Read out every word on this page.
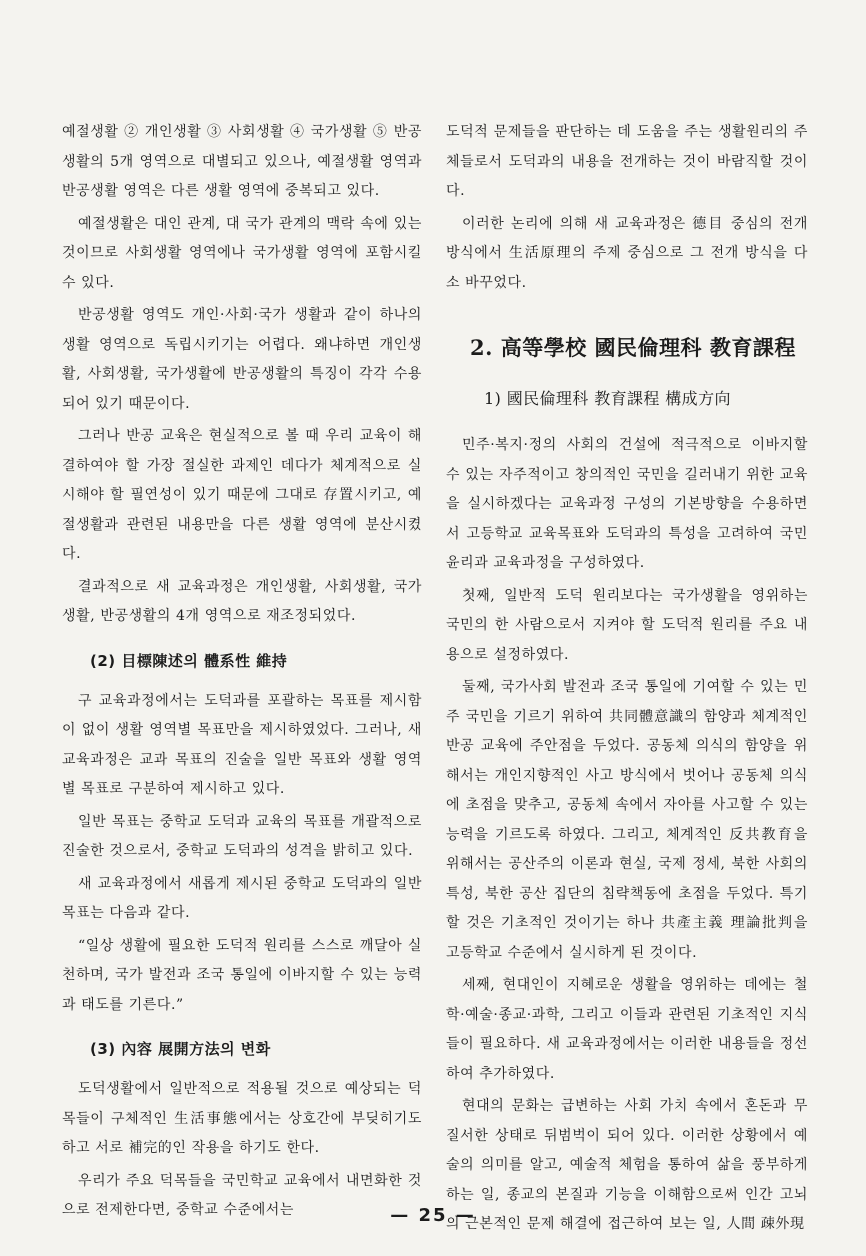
예절생활 ② 개인생활 ③ 사회생활 ④ 국가생활 ⑤ 반공생활의 5개 영역으로 대별되고 있으나, 예절생활 영역과 반공생활 영역은 다른 생활 영역에 중복되고 있다.

예절생활은 대인 관계, 대 국가 관계의 맥락 속에 있는 것이므로 사회생활 영역에나 국가생활 영역에 포함시킬 수 있다.

반공생활 영역도 개인·사회·국가 생활과 같이 하나의 생활 영역으로 독립시키기는 어렵다. 왜냐하면 개인생활, 사회생활, 국가생활에 반공생활의 특징이 각각 수용되어 있기 때문이다.

그러나 반공 교육은 현실적으로 볼 때 우리 교육이 해결하여야 할 가장 절실한 과제인 데다가 체계적으로 실시해야 할 필연성이 있기 때문에 그대로 存置시키고, 예절생활과 관련된 내용만을 다른 생활 영역에 분산시켰다.

결과적으로 새 교육과정은 개인생활, 사회생활, 국가생활, 반공생활의 4개 영역으로 재조정되었다.

(2) 目標陳述의 體系性 維持

구 교육과정에서는 도덕과를 포괄하는 목표를 제시함이 없이 생활 영역별 목표만을 제시하였었다. 그러나, 새 교육과정은 교과 목표의 진술을 일반 목표와 생활 영역별 목표로 구분하여 제시하고 있다.

일반 목표는 중학교 도덕과 교육의 목표를 개괄적으로 진술한 것으로서, 중학교 도덕과의 성격을 밝히고 있다.

새 교육과정에서 새롭게 제시된 중학교 도덕과의 일반 목표는 다음과 같다.

“일상 생활에 필요한 도덕적 원리를 스스로 깨달아 실천하며, 국가 발전과 조국 통일에 이바지할 수 있는 능력과 태도를 기른다.”

(3) 內容 展開方法의 변화

도덕생활에서 일반적으로 적용될 것으로 예상되는 덕목들이 구체적인 生活事態에서는 상호간에 부딪히기도 하고 서로 補完的인 작용을 하기도 한다.

우리가 주요 덕목들을 국민학교 교육에서 내면화한 것으로 전제한다면, 중학교 수준에서는

도덕적 문제들을 판단하는 데 도움을 주는 생활원리의 주체들로서 도덕과의 내용을 전개하는 것이 바람직할 것이다.

이러한 논리에 의해 새 교육과정은 德目 중심의 전개 방식에서 生活原理의 주제 중심으로 그 전개 방식을 다소 바꾸었다.

2. 高等學校 國民倫理科 教育課程
1) 國民倫理科 教育課程 構成方向

민주·복지·정의 사회의 건설에 적극적으로 이바지할 수 있는 자주적이고 창의적인 국민을 길러내기 위한 교육을 실시하겠다는 교육과정 구성의 기본방향을 수용하면서 고등학교 교육목표와 도덕과의 특성을 고려하여 국민윤리과 교육과정을 구성하였다.

첫째, 일반적 도덕 원리보다는 국가생활을 영위하는 국민의 한 사람으로서 지켜야 할 도덕적 원리를 주요 내용으로 설정하였다.

둘째, 국가사회 발전과 조국 통일에 기여할 수 있는 민주 국민을 기르기 위하여 共同體意識의 함양과 체계적인 반공 교육에 주안점을 두었다. 공동체 의식의 함양을 위해서는 개인지향적인 사고 방식에서 벗어나 공동체 의식에 초점을 맞추고, 공동체 속에서 자아를 사고할 수 있는 능력을 기르도록 하였다. 그리고, 체계적인 反共教育을 위해서는 공산주의 이론과 현실, 국제 정세, 북한 사회의 특성, 북한 공산 집단의 침략책동에 초점을 두었다. 특기할 것은 기초적인 것이기는 하나 共產主義 理論批判을 고등학교 수준에서 실시하게 된 것이다.

세째, 현대인이 지혜로운 생활을 영위하는 데에는 철학·예술·종교·과학, 그리고 이들과 관련된 기초적인 지식들이 필요하다. 새 교육과정에서는 이러한 내용들을 정선하여 추가하였다.

현대의 문화는 급변하는 사회 가치 속에서 혼돈과 무질서한 상태로 뒤범벅이 되어 있다. 이러한 상황에서 예술의 의미를 알고, 예술적 체험을 통하여 삶을 풍부하게 하는 일, 종교의 본질과 기능을 이해함으로써 인간 고뇌의 근본적인 문제 해결에 접근하여 보는 일, 人間 疎外現

— 25 —
